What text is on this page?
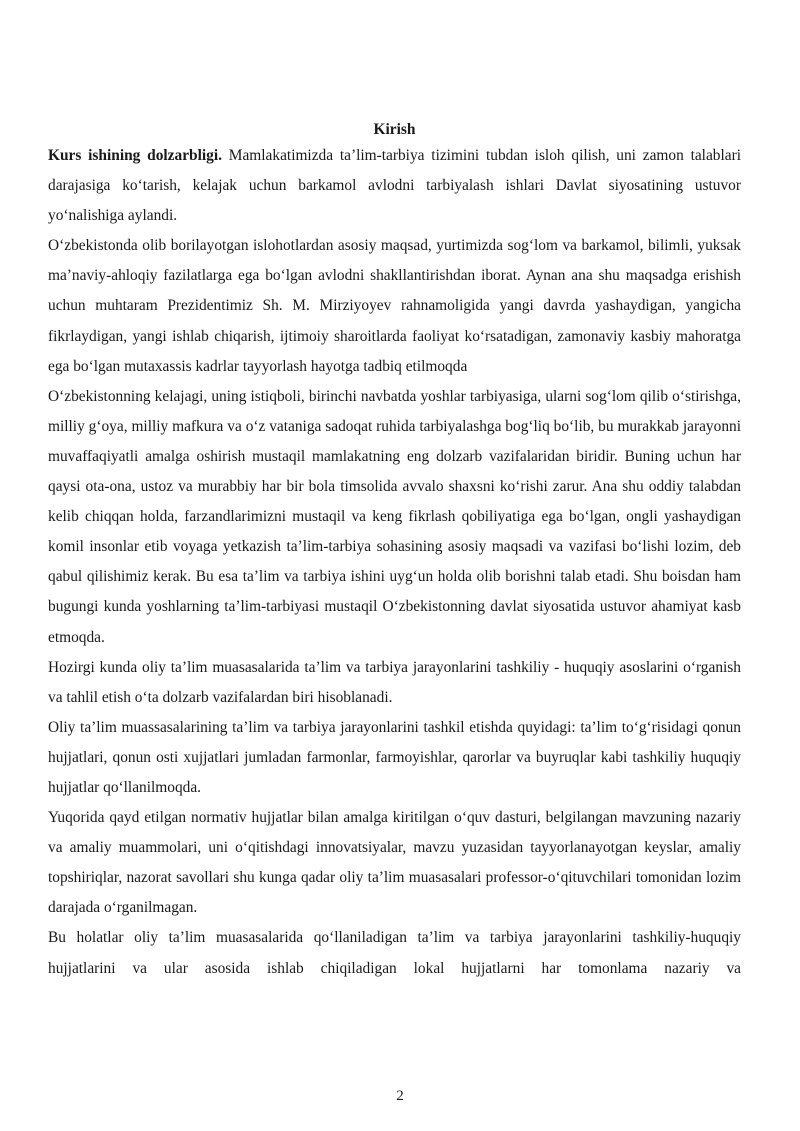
Kirish

Kurs ishining dolzarbligi. Mamlakatimizda ta’lim-tarbiya tizimini tubdan isloh qilish, uni zamon talablari darajasiga ko‘tarish, kelajak uchun barkamol avlodni tarbiyalash ishlari Davlat siyosatining ustuvor yo‘nalishiga aylandi.

O‘zbekistonda olib borilayotgan islohotlardan asosiy maqsad, yurtimizda sog‘lom va barkamol, bilimli, yuksak ma’naviy-ahloqiy fazilatlarga ega bo‘lgan avlodni shakllantirishdan iborat. Aynan ana shu maqsadga erishish uchun muhtaram Prezidentimiz Sh. M. Mirziyoyev rahnamoligida yangi davrda yashaydigan, yangicha fikrlaydigan, yangi ishlab chiqarish, ijtimoiy sharoitlarda faoliyat ko‘rsatadigan, zamonaviy kasbiy mahoratga ega bo‘lgan mutaxassis kadrlar tayyorlash hayotga tadbiq etilmoqda

O‘zbekistonning kelajagi, uning istiqboli, birinchi navbatda yoshlar tarbiyasiga, ularni sog‘lom qilib o‘stirishga, milliy g‘oya, milliy mafkura va o‘z vataniga sadoqat ruhida tarbiyalashga bog‘liq bo‘lib, bu murakkab jarayonni muvaffaqiyatli amalga oshirish mustaqil mamlakatning eng dolzarb vazifalaridan biridir. Buning uchun har qaysi ota-ona, ustoz va murabbiy har bir bola timsolida avvalo shaxsni ko‘rishi zarur. Ana shu oddiy talabdan kelib chiqqan holda, farzandlarimizni mustaqil va keng fikrlash qobiliyatiga ega bo‘lgan, ongli yashaydigan komil insonlar etib voyaga yetkazish ta’lim-tarbiya sohasining asosiy maqsadi va vazifasi bo‘lishi lozim, deb qabul qilishimiz kerak. Bu esa ta’lim va tarbiya ishini uyg‘un holda olib borishni talab etadi. Shu boisdan ham bugungi kunda yoshlarning ta’lim-tarbiyasi mustaqil O‘zbekistonning davlat siyosatida ustuvor ahamiyat kasb etmoqda.

Hozirgi kunda oliy ta’lim muasasalarida ta’lim va tarbiya jarayonlarini tashkiliy - huquqiy asoslarini o‘rganish va tahlil etish o‘ta dolzarb vazifalardan biri hisoblanadi.

Oliy ta’lim muassasalarining ta’lim va tarbiya jarayonlarini tashkil etishda quyidagi: ta’lim to‘g‘risidagi qonun hujjatlari, qonun osti xujjatlari jumladan farmonlar, farmoyishlar, qarorlar va buyruqlar kabi tashkiliy huquqiy hujjatlar qo‘llanilmoqda.

Yuqorida qayd etilgan normativ hujjatlar bilan amalga kiritilgan o‘quv dasturi, belgilangan mavzuning nazariy va amaliy muammolari, uni o‘qitishdagi innovatsiyalar, mavzu yuzasidan tayyorlanayotgan keyslar, amaliy topshiriqlar, nazorat savollari shu kunga qadar oliy ta’lim muasasalari professor-o‘qituvchilari tomonidan lozim darajada o‘rganilmagan.

Bu holatlar oliy ta’lim muasasalarida qo‘llaniladigan ta’lim va tarbiya jarayonlarini tashkiliy-huquqiy hujjatlarini va ular asosida ishlab chiqiladigan lokal hujjatlarni har tomonlama nazariy va

2
